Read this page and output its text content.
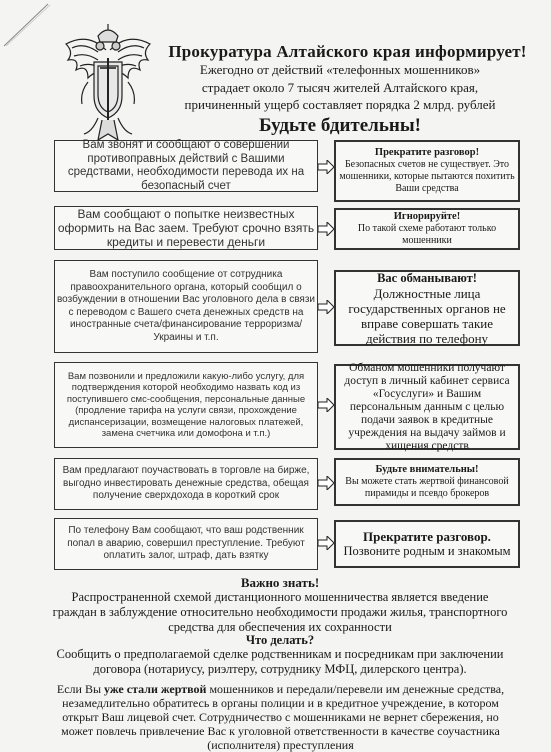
Прокуратура Алтайского края информирует!
Ежегодно от действий «телефонных мошенников»
страдает около 7 тысяч жителей Алтайского края,
причиненный ущерб составляет порядка 2 млрд. рублей
Будьте бдительны!
Вам звонят и сообщают о совершении противоправных действий с Вашими средствами, необходимости перевода их на безопасный счет
Прекратите разговор!
Безопасных счетов не существует. Это мошенники, которые пытаются похитить Ваши средства
Вам сообщают о попытке неизвестных оформить на Вас заем. Требуют срочно взять кредиты и перевести деньги
Игнорируйте!
По такой схеме работают только мошенники
Вам поступило сообщение от сотрудника правоохранительного органа, который сообщил о возбуждении в отношении Вас уголовного дела в связи с переводом с Вашего счета денежных средств на иностранные счета/финансирование терроризма/Украины и т.п.
Вас обманывают!
Должностные лица государственных органов не вправе совершать такие действия по телефону
Вам позвонили и предложили какую-либо услугу, для подтверждения которой необходимо назвать код из поступившего смс-сообщения, персональные данные (продление тарифа на услуги связи, прохождение диспансеризации, возмещение налоговых платежей, замена счетчика или домофона и т.п.)
Обманом мошенники получают доступ в личный кабинет сервиса «Госуслуги» и Вашим персональным данным с целью подачи заявок в кредитные учреждения на выдачу займов и хищения средств
Вам предлагают поучаствовать в торговле на бирже, выгодно инвестировать денежные средства, обещая получение сверхдохода в короткий срок
Будьте внимательны!
Вы можете стать жертвой финансовой пирамиды и псевдо брокеров
По телефону Вам сообщают, что ваш родственник попал в аварию, совершил преступление. Требуют оплатить залог, штраф, дать взятку
Прекратите разговор.
Позвоните родным и знакомым
Важно знать!
Распространенной схемой дистанционного мошенничества является введение граждан в заблуждение относительно необходимости продажи жилья, транспортного средства для обеспечения их сохранности
Что делать?
Сообщить о предполагаемой сделке родственникам и посредникам при заключении договора (нотариусу, риэлтеру, сотруднику МФЦ, дилерского центра).
Если Вы уже стали жертвой мошенников и передали/перевели им денежные средства, незамедлительно обратитесь в органы полиции и в кредитное учреждение, в котором открыт Ваш лицевой счет. Сотрудничество с мошенниками не вернет сбережения, но может повлечь привлечение Вас к уголовной ответственности в качестве соучастника (исполнителя) преступления
